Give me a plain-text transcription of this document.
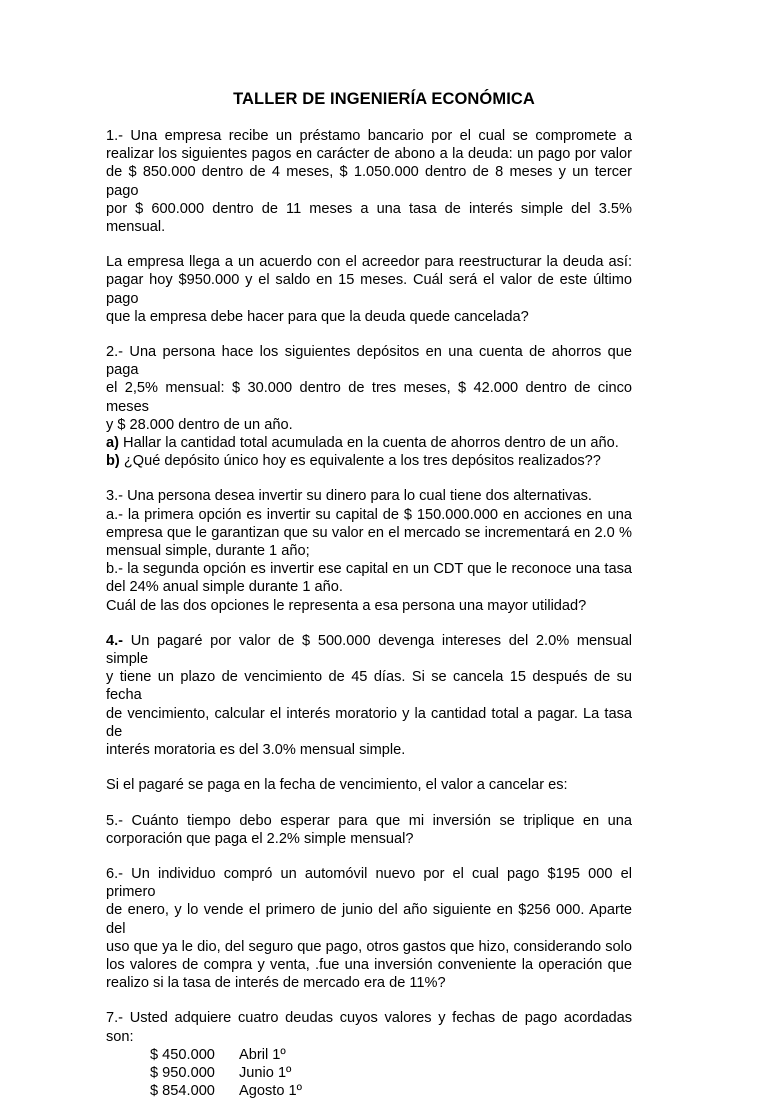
TALLER DE INGENIERÍA ECONÓMICA
1.- Una empresa recibe un préstamo bancario por el cual se compromete a
realizar los siguientes pagos en carácter de abono a la deuda: un pago por valor
de $ 850.000 dentro de 4 meses, $ 1.050.000 dentro de 8 meses y un tercer pago
por $ 600.000 dentro de 11 meses a una tasa de interés simple del 3.5%
mensual.
La empresa llega a un acuerdo con el acreedor para reestructurar la deuda así:
pagar hoy $950.000 y el saldo en 15 meses. Cuál será el valor de este último pago
que la empresa debe hacer para que la deuda quede cancelada?
2.- Una persona hace los siguientes depósitos en una cuenta de ahorros que paga
el 2,5% mensual: $ 30.000 dentro de tres meses, $ 42.000 dentro de cinco meses
y $ 28.000 dentro de un año.
a) Hallar la cantidad total acumulada en la cuenta de ahorros dentro de un año.
b) ¿Qué depósito único hoy es equivalente a los tres depósitos realizados??
3.- Una persona desea invertir su dinero para lo cual tiene dos alternativas.
a.- la primera opción es invertir su capital de $ 150.000.000 en acciones en una
empresa que le garantizan que su valor en el mercado se incrementará en 2.0 %
mensual simple, durante 1 año;
b.- la segunda opción es invertir ese capital en un CDT que le reconoce una tasa
del 24% anual simple durante 1 año.
Cuál de las dos opciones le representa a esa persona una mayor utilidad?
4.- Un pagaré por valor de $ 500.000 devenga intereses del 2.0% mensual simple
y tiene un plazo de vencimiento de 45 días. Si se cancela 15 después de su fecha
de vencimiento, calcular el interés moratorio y la cantidad total a pagar. La tasa de
interés moratoria es del 3.0% mensual simple.
Si el pagaré se paga en la fecha de vencimiento, el valor a cancelar es:
5.- Cuánto tiempo debo esperar para que mi inversión se triplique en una
corporación que paga el 2.2% simple mensual?
6.- Un individuo compró un automóvil nuevo por el cual pago $195 000 el primero
de enero, y lo vende el primero de junio del año siguiente en $256 000. Aparte del
uso que ya le dio, del seguro que pago, otros gastos que hizo, considerando solo
los valores de compra y venta, .fue una inversión conveniente la operación que
realizo si la tasa de interés de mercado era de 11%?
7.- Usted adquiere cuatro deudas cuyos valores y fechas de pago acordadas son:
$ 450.000	Abril 1º
$ 950.000	Junio 1º
$ 854.000	Agosto 1º
